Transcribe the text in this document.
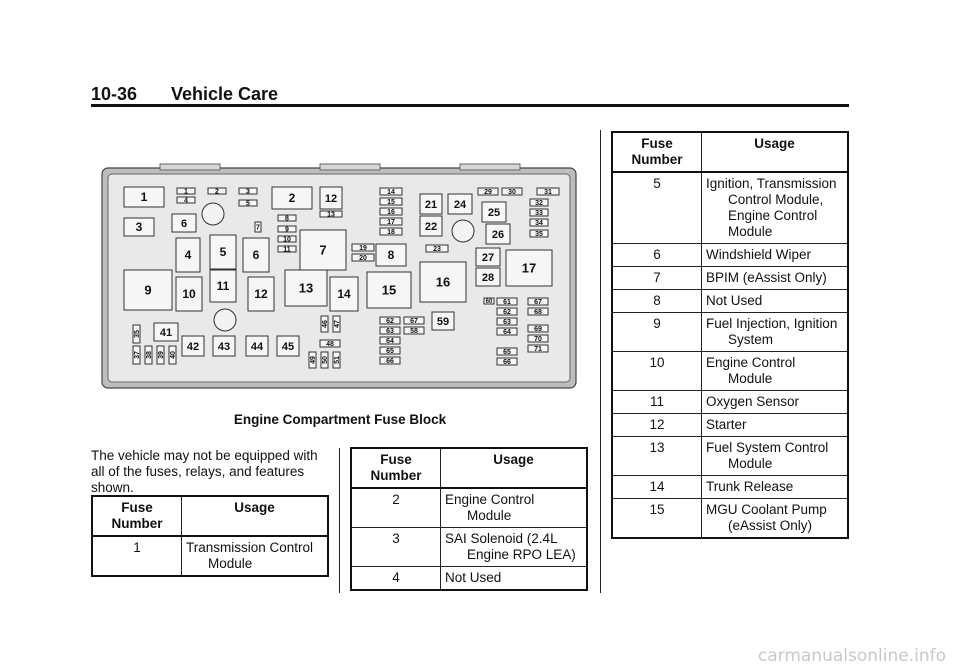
10-36 Vehicle Care
1
3	6
4 5 6
9	10
11
12
2
7
13 14
12
8
15
16
17
21
22
24
25
26
27
28
41
42 43 44 45
59
1
4
2	3
5
7
8
9
10
11
13
19
20
14
15
16
17
18
23
29 30	31
32
33
34
35
35
37 38 39 40
46 47
48
49 50 51
62
63
64
65
66
67
58
60 61
62
63
64
65
66
67
68
69
70
71
Engine Compartment Fuse Block
The vehicle may not be equipped with all of the fuses, relays, and features shown.
Fuse Number	Usage
1	Transmission Control Module
Fuse Number	Usage
2	Engine Control Module

3	SAI Solenoid (2.4L Engine RPO LEA)

4	Not Used
Fuse Number	Usage
5	Ignition, Transmission Control Module, Engine Control Module

6	Windshield Wiper

7	BPIM (eAssist Only)

8	Not Used

9	Fuel Injection, Ignition System

10	Engine Control Module

11	Oxygen Sensor

12	Starter

13	Fuel System Control Module

14	Trunk Release

15	MGU Coolant Pump (eAssist Only)
carmanualsonline.info
